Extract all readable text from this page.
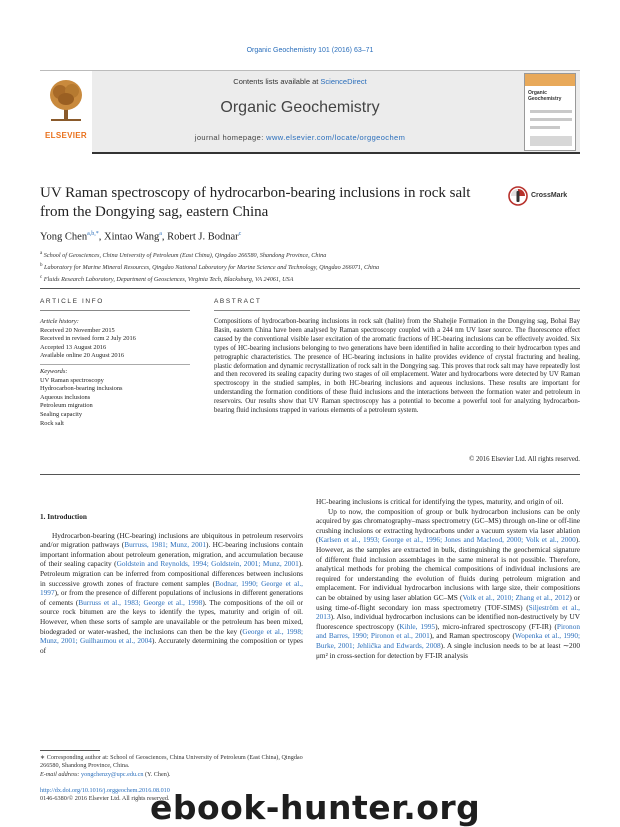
Organic Geochemistry 101 (2016) 63–71
ELSEVIER
Contents lists available at ScienceDirect
Organic Geochemistry
journal homepage: www.elsevier.com/locate/orggeochem
Organic Geochemistry
UV Raman spectroscopy of hydrocarbon-bearing inclusions in rock salt from the Dongying sag, eastern China
CrossMark
Yong Chen$^{a,b,*}$, Xintao Wang$^a$, Robert J. Bodnar$^c$
$^a$ School of Geosciences, China University of Petroleum (East China), Qingdao 266580, Shandong Province, China
$^b$ Laboratory for Marine Mineral Resources, Qingdao National Laboratory for Marine Science and Technology, Qingdao 266071, China
$^c$ Fluids Research Laboratory, Department of Geosciences, Virginia Tech, Blacksburg, VA 24061, USA
ARTICLE INFO	ABSTRACT
Article history:
Received 20 November 2015
Received in revised form 2 July 2016
Accepted 13 August 2016
Available online 20 August 2016
Keywords:
UV Raman spectroscopy
Hydrocarbon-bearing inclusions
Aqueous inclusions
Petroleum migration
Sealing capacity
Rock salt
Compositions of hydrocarbon-bearing inclusions in rock salt (halite) from the Shahejie Formation in the Dongying sag, Bohai Bay Basin, eastern China have been analysed by Raman spectroscopy coupled with a 244 nm UV laser source. The fluorescence effect caused by the conventional visible laser excitation of the aromatic fractions of HC-bearing inclusions can be effectively avoided. Six types of HC-bearing inclusions belonging to two generations have been identified in halite according to their hydrocarbon types and petrographic characteristics. The presence of HC-bearing inclusions in halite provides evidence of crystal fracturing and healing, plastic deformation and dynamic recrystallization of rock salt in the Dongying sag. This proves that rock salt may have repeatedly lost and then recovered its sealing capacity during two stages of oil emplacement. Water and hydrocarbons were detected by UV Raman spectroscopy in the studied samples, in both HC-bearing inclusions and aqueous inclusions. These results are important for understanding the formation conditions of these fluid inclusions and the interactions between the formation water and petroleum in reservoirs. Our results show that UV Raman spectroscopy has a potential to become a powerful tool for analyzing hydrocarbon-bearing fluid inclusions trapped in various elements of a petroleum system.
© 2016 Elsevier Ltd. All rights reserved.
1. Introduction

Hydrocarbon-bearing (HC-bearing) inclusions are ubiquitous in petroleum reservoirs and/or migration pathways (Burruss, 1981; Munz, 2001). HC-bearing inclusions contain important information about petroleum generation, migration, and accumulation because of their sealing capacity (Goldstein and Reynolds, 1994; Goldstein, 2001; Munz, 2001). Petroleum migration can be inferred from compositional differences between inclusions in successive growth zones of fracture cement samples (Bodnar, 1990; George et al., 1997), or from the presence of different populations of inclusions in different generations of cements (Burruss et al., 1983; George et al., 1998). The compositions of the oil or source rock bitumen are the keys to identify the types, maturity and origin of oil. However, when these sorts of sample are unavailable or the petroleum has been mixed, biodegraded or water-washed, the inclusions can then be the key (George et al., 1998; Munz, 2001; Guilhaumou et al., 2004). Accurately determining the composition or types of

HC-bearing inclusions is critical for identifying the types, maturity, and origin of oil.

Up to now, the composition of group or bulk hydrocarbon inclusions can be only acquired by gas chromatography–mass spectrometry (GC–MS) through on-line or off-line crushing inclusions or extracting hydrocarbons under a vacuum system via laser ablation (Karlsen et al., 1993; George et al., 1996; Jones and Macleod, 2000; Volk et al., 2000). However, as the samples are extracted in bulk, distinguishing the geochemical signature of different fluid inclusion assemblages in the same mineral is not possible. Therefore, analytical methods for probing the chemical compositions of individual inclusions are required for understanding the evolution of fluids during petroleum migration and emplacement. For individual hydrocarbon inclusions with large size, their compositions can be obtained by using laser ablation GC–MS (Volk et al., 2010; Zhang et al., 2012) or using time-of-flight secondary ion mass spectrometry (TOF-SIMS) (Siljeström et al., 2013). Also, individual hydrocarbon inclusions can be identified non-destructively by UV fluorescence spectroscopy (Kihle, 1995), micro-infrared spectroscopy (FT-IR) (Pironon and Barres, 1990; Pironon et al., 2001), and Raman spectroscopy (Wopenka et al., 1990; Burke, 2001; Jehlička and Edwards, 2008). A single inclusion needs to be at least ∼200 μm² in cross-section for detection by FT-IR analysis

∗ Corresponding author at: School of Geosciences, China University of Petroleum (East China), Qingdao 266580, Shandong Province, China.
E-mail address: yongchenzy@upc.edu.cn (Y. Chen).
http://dx.doi.org/10.1016/j.orggeochem.2016.08.010
0146-6380/© 2016 Elsevier Ltd. All rights reserved.
ebook-hunter.org
